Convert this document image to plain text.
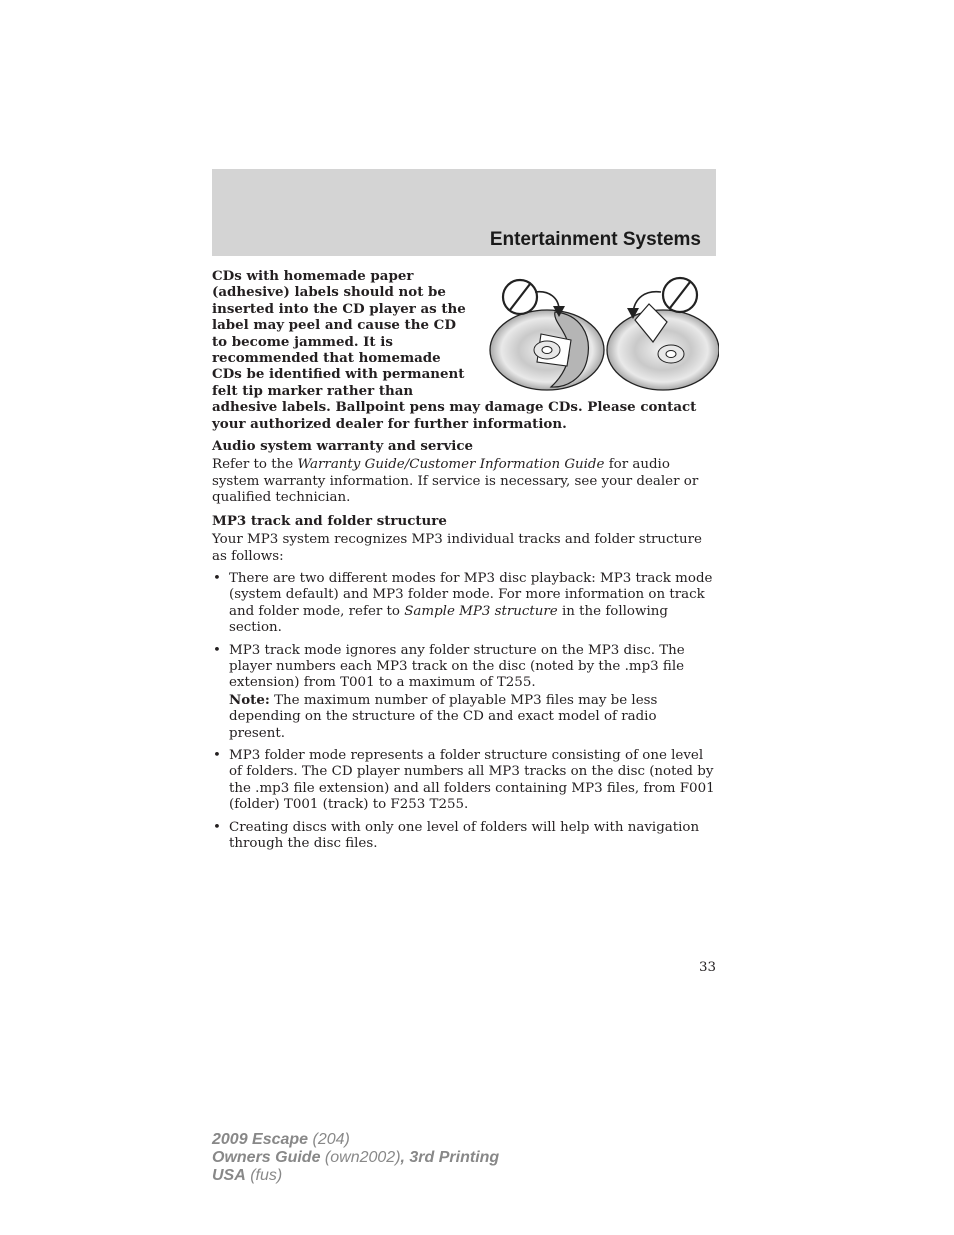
Entertainment Systems

CDs with homemade paper (adhesive) labels should not be inserted into the CD player as the label may peel and cause the CD to become jammed. It is recommended that homemade CDs be identified with permanent felt tip marker rather than adhesive labels. Ballpoint pens may damage CDs. Please contact your authorized dealer for further information.

Audio system warranty and service

Refer to the Warranty Guide/Customer Information Guide for audio system warranty information. If service is necessary, see your dealer or qualified technician.

MP3 track and folder structure

Your MP3 system recognizes MP3 individual tracks and folder structure as follows:

• There are two different modes for MP3 disc playback: MP3 track mode (system default) and MP3 folder mode. For more information on track and folder mode, refer to Sample MP3 structure in the following section.
• MP3 track mode ignores any folder structure on the MP3 disc. The player numbers each MP3 track on the disc (noted by the .mp3 file extension) from T001 to a maximum of T255.
Note: The maximum number of playable MP3 files may be less depending on the structure of the CD and exact model of radio present.
• MP3 folder mode represents a folder structure consisting of one level of folders. The CD player numbers all MP3 tracks on the disc (noted by the .mp3 file extension) and all folders containing MP3 files, from F001 (folder) T001 (track) to F253 T255.
• Creating discs with only one level of folders will help with navigation through the disc files.
33
2009 Escape (204)
Owners Guide (own2002), 3rd Printing
USA (fus)
